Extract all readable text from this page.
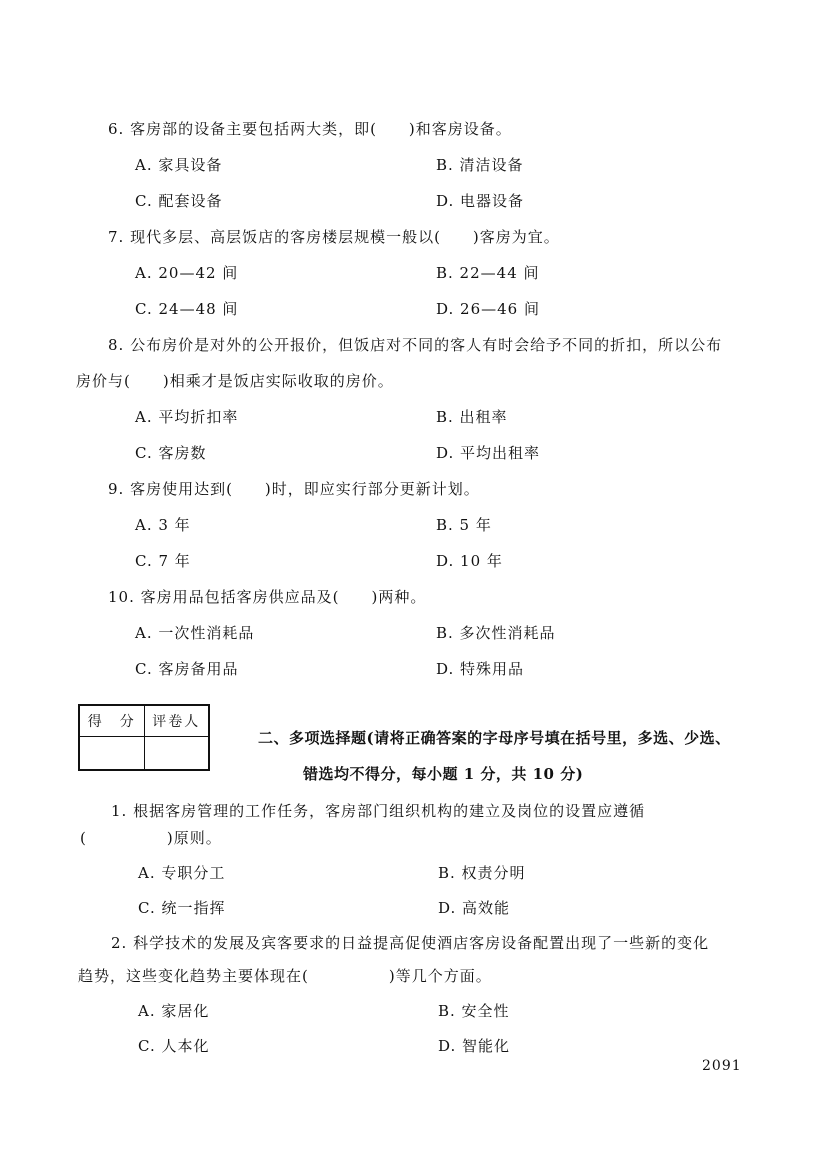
6. 客房部的设备主要包括两大类，即(　　)和客房设备。
A. 家具设备	B. 清洁设备
C. 配套设备	D. 电器设备
7. 现代多层、高层饭店的客房楼层规模一般以(　　)客房为宜。
A. 20—42 间	B. 22—44 间
C. 24—48 间	D. 26—46 间
8. 公布房价是对外的公开报价，但饭店对不同的客人有时会给予不同的折扣，所以公布
房价与(　　)相乘才是饭店实际收取的房价。
A. 平均折扣率	B. 出租率
C. 客房数	D. 平均出租率
9. 客房使用达到(　　)时，即应实行部分更新计划。
A. 3 年	B. 5 年
C. 7 年	D. 10 年
10. 客房用品包括客房供应品及(　　)两种。
A. 一次性消耗品	B. 多次性消耗品
C. 客房备用品	D. 特殊用品
得　分	评卷人

二、多项选择题(请将正确答案的字母序号填在括号里，多选、少选、
错选均不得分，每小题 1 分，共 10 分)
1. 根据客房管理的工作任务，客房部门组织机构的建立及岗位的设置应遵循
(　　　　　)原则。
A. 专职分工	B. 权责分明
C. 统一指挥	D. 高效能
2. 科学技术的发展及宾客要求的日益提高促使酒店客房设备配置出现了一些新的变化
趋势，这些变化趋势主要体现在(　　　　　)等几个方面。
A. 家居化	B. 安全性
C. 人本化	D. 智能化
2091
